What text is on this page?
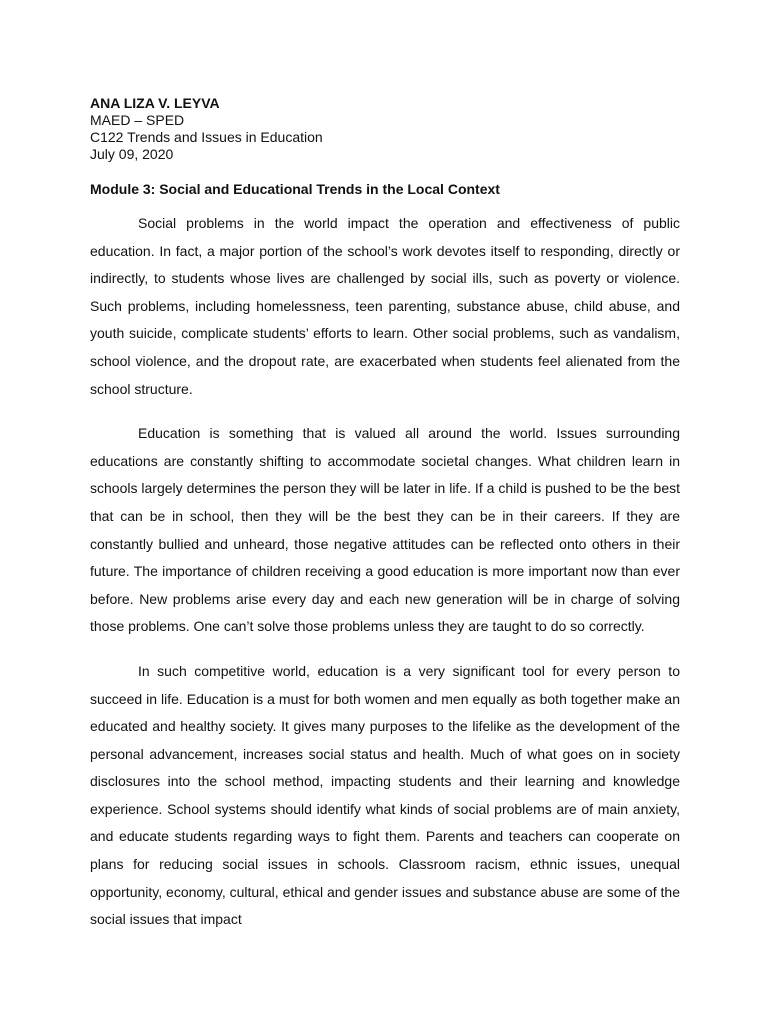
ANA LIZA V. LEYVA

MAED – SPED

C122 Trends and Issues in Education

July 09, 2020

Module 3: Social and Educational Trends in the Local Context

Social problems in the world impact the operation and effectiveness of public education. In fact, a major portion of the school’s work devotes itself to responding, directly or indirectly, to students whose lives are challenged by social ills, such as poverty or violence. Such problems, including homelessness, teen parenting, substance abuse, child abuse, and youth suicide, complicate students’ efforts to learn. Other social problems, such as vandalism, school violence, and the dropout rate, are exacerbated when students feel alienated from the school structure.

Education is something that is valued all around the world. Issues surrounding educations are constantly shifting to accommodate societal changes. What children learn in schools largely determines the person they will be later in life. If a child is pushed to be the best that can be in school, then they will be the best they can be in their careers. If they are constantly bullied and unheard, those negative attitudes can be reflected onto others in their future. The importance of children receiving a good education is more important now than ever before. New problems arise every day and each new generation will be in charge of solving those problems. One can’t solve those problems unless they are taught to do so correctly.

In such competitive world, education is a very significant tool for every person to succeed in life. Education is a must for both women and men equally as both together make an educated and healthy society. It gives many purposes to the lifelike as the development of the personal advancement, increases social status and health. Much of what goes on in society disclosures into the school method, impacting students and their learning and knowledge experience. School systems should identify what kinds of social problems are of main anxiety, and educate students regarding ways to fight them. Parents and teachers can cooperate on plans for reducing social issues in schools. Classroom racism, ethnic issues, unequal opportunity, economy, cultural, ethical and gender issues and substance abuse are some of the social issues that impact
